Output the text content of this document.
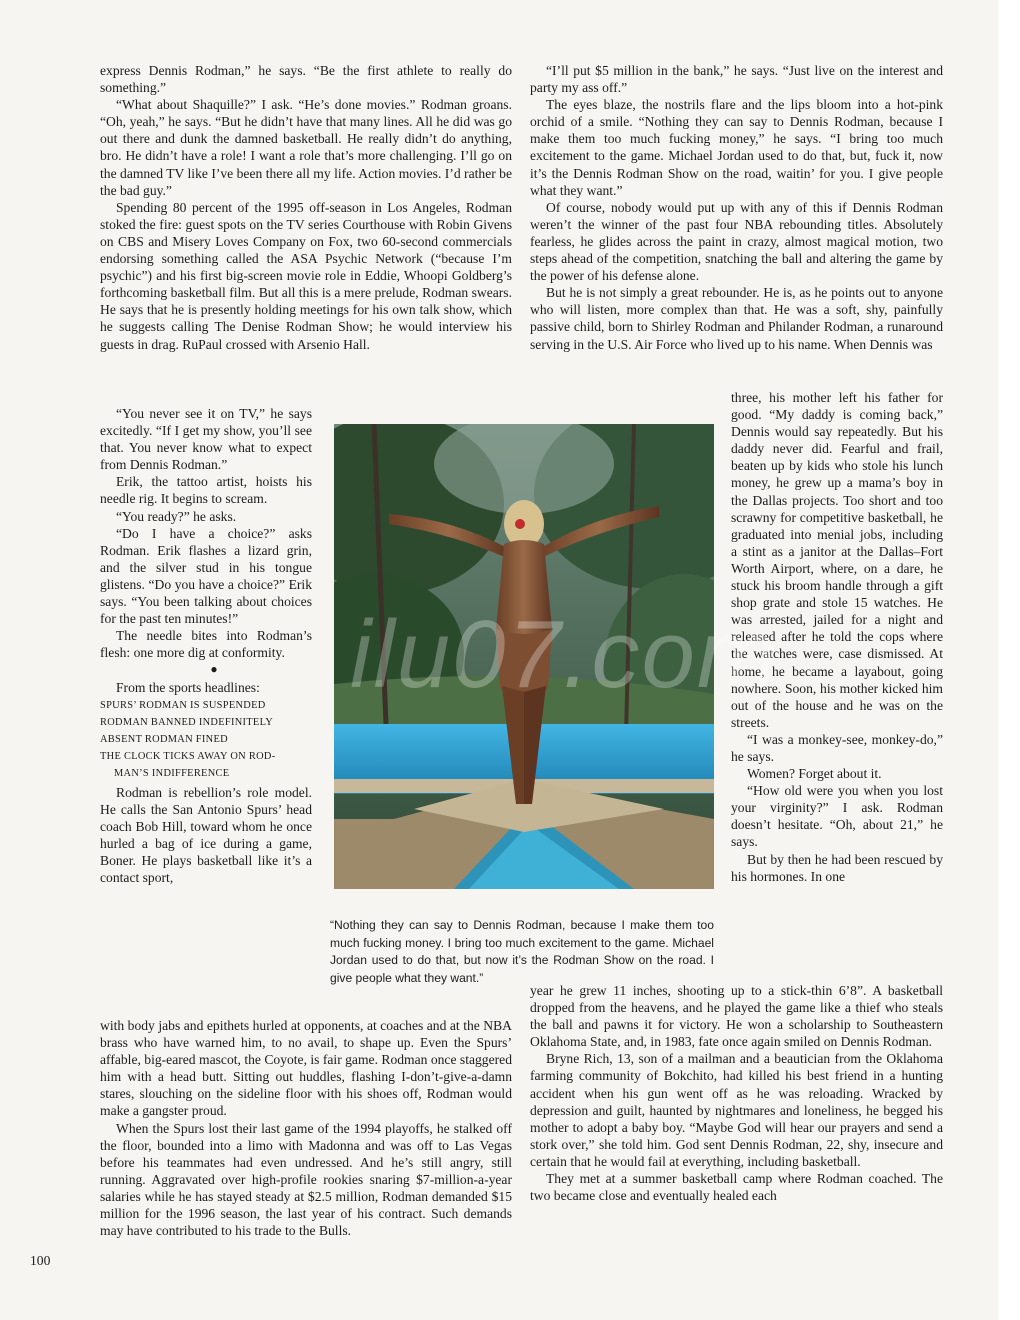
express Dennis Rodman,” he says. “Be the first athlete to really do something.”

“What about Shaquille?” I ask. “He’s done movies.” Rodman groans. “Oh, yeah,” he says. “But he didn’t have that many lines. All he did was go out there and dunk the damned basketball. He really didn’t do anything, bro. He didn’t have a role! I want a role that’s more challenging. I’ll go on the damned TV like I’ve been there all my life. Action movies. I’d rather be the bad guy.”

Spending 80 percent of the 1995 off-season in Los Angeles, Rodman stoked the fire: guest spots on the TV series Courthouse with Robin Givens on CBS and Misery Loves Company on Fox, two 60-second commercials endorsing something called the ASA Psychic Network (“because I’m psychic”) and his first big-screen movie role in Eddie, Whoopi Goldberg’s forthcoming basketball film. But all this is a mere prelude, Rodman swears. He says that he is presently holding meetings for his own talk show, which he suggests calling The Denise Rodman Show; he would interview his guests in drag. RuPaul crossed with Arsenio Hall.

“You never see it on TV,” he says excitedly. “If I get my show, you’ll see that. You never know what to expect from Dennis Rodman.”

Erik, the tattoo artist, hoists his needle rig. It begins to scream.

“You ready?” he asks.

“Do I have a choice?” asks Rodman. Erik flashes a lizard grin, and the silver stud in his tongue glistens. “Do you have a choice?” Erik says. “You been talking about choices for the past ten minutes!”

The needle bites into Rodman’s flesh: one more dig at conformity.

●

From the sports headlines:

SPURS’ RODMAN IS SUSPENDED
RODMAN BANNED INDEFINITELY
ABSENT RODMAN FINED
THE CLOCK TICKS AWAY ON ROD-
MAN’S INDIFFERENCE

Rodman is rebellion’s role model. He calls the San Antonio Spurs’ head coach Bob Hill, toward whom he once hurled a bag of ice during a game, Boner. He plays basketball like it’s a contact sport,

with body jabs and epithets hurled at opponents, at coaches and at the NBA brass who have warned him, to no avail, to shape up. Even the Spurs’ affable, big-eared mascot, the Coyote, is fair game. Rodman once staggered him with a head butt. Sitting out huddles, flashing I-don’t-give-a-damn stares, slouching on the sideline floor with his shoes off, Rodman would make a gangster proud.

When the Spurs lost their last game of the 1994 playoffs, he stalked off the floor, bounded into a limo with Madonna and was off to Las Vegas before his teammates had even undressed. And he’s still angry, still running. Aggravated over high-profile rookies snaring $7-million-a-year salaries while he has stayed steady at $2.5 million, Rodman demanded $15 million for the 1996 season, the last year of his contract. Such demands may have contributed to his trade to the Bulls.

“I’ll put $5 million in the bank,” he says. “Just live on the interest and party my ass off.”

The eyes blaze, the nostrils flare and the lips bloom into a hot-pink orchid of a smile. “Nothing they can say to Dennis Rodman, because I make them too much fucking money,” he says. “I bring too much excitement to the game. Michael Jordan used to do that, but, fuck it, now it’s the Dennis Rodman Show on the road, waitin’ for you. I give people what they want.”

Of course, nobody would put up with any of this if Dennis Rodman weren’t the winner of the past four NBA rebounding titles. Absolutely fearless, he glides across the paint in crazy, almost magical motion, two steps ahead of the competition, snatching the ball and altering the game by the power of his defense alone.

But he is not simply a great rebounder. He is, as he points out to anyone who will listen, more complex than that. He was a soft, shy, painfully passive child, born to Shirley Rodman and Philander Rodman, a runaround serving in the U.S. Air Force who lived up to his name. When Dennis was

three, his mother left his father for good. “My daddy is coming back,” Dennis would say repeatedly. But his daddy never did. Fearful and frail, beaten up by kids who stole his lunch money, he grew up a mama’s boy in the Dallas projects. Too short and too scrawny for competitive basketball, he graduated into menial jobs, including a stint as a janitor at the Dallas–Fort Worth Airport, where, on a dare, he stuck his broom handle through a gift shop grate and stole 15 watches. He was arrested, jailed for a night and released after he told the cops where the watches were, case dismissed. At home, he became a layabout, going nowhere. Soon, his mother kicked him out of the house and he was on the streets.

“I was a monkey-see, monkey-do,” he says.

Women? Forget about it.

“How old were you when you lost your virginity?” I ask. Rodman doesn’t hesitate. “Oh, about 21,” he says.

But by then he had been rescued by his hormones. In one

year he grew 11 inches, shooting up to a stick-thin 6’8”. A basketball dropped from the heavens, and he played the game like a thief who steals the ball and pawns it for victory. He won a scholarship to Southeastern Oklahoma State, and, in 1983, fate once again smiled on Dennis Rodman.

Bryne Rich, 13, son of a mailman and a beautician from the Oklahoma farming community of Bokchito, had killed his best friend in a hunting accident when his gun went off as he was reloading. Wracked by depression and guilt, haunted by nightmares and loneliness, he begged his mother to adopt a baby boy. “Maybe God will hear our prayers and send a stork over,” she told him. God sent Dennis Rodman, 22, shy, insecure and certain that he would fail at everything, including basketball.

They met at a summer basketball camp where Rodman coached. The two became close and eventually healed each

ilu07.com

“Nothing they can say to Dennis Rodman, because I make them too much fucking money. I bring too much excitement to the game. Michael Jordan used to do that, but now it’s the Rodman Show on the road. I give people what they want.”

100
